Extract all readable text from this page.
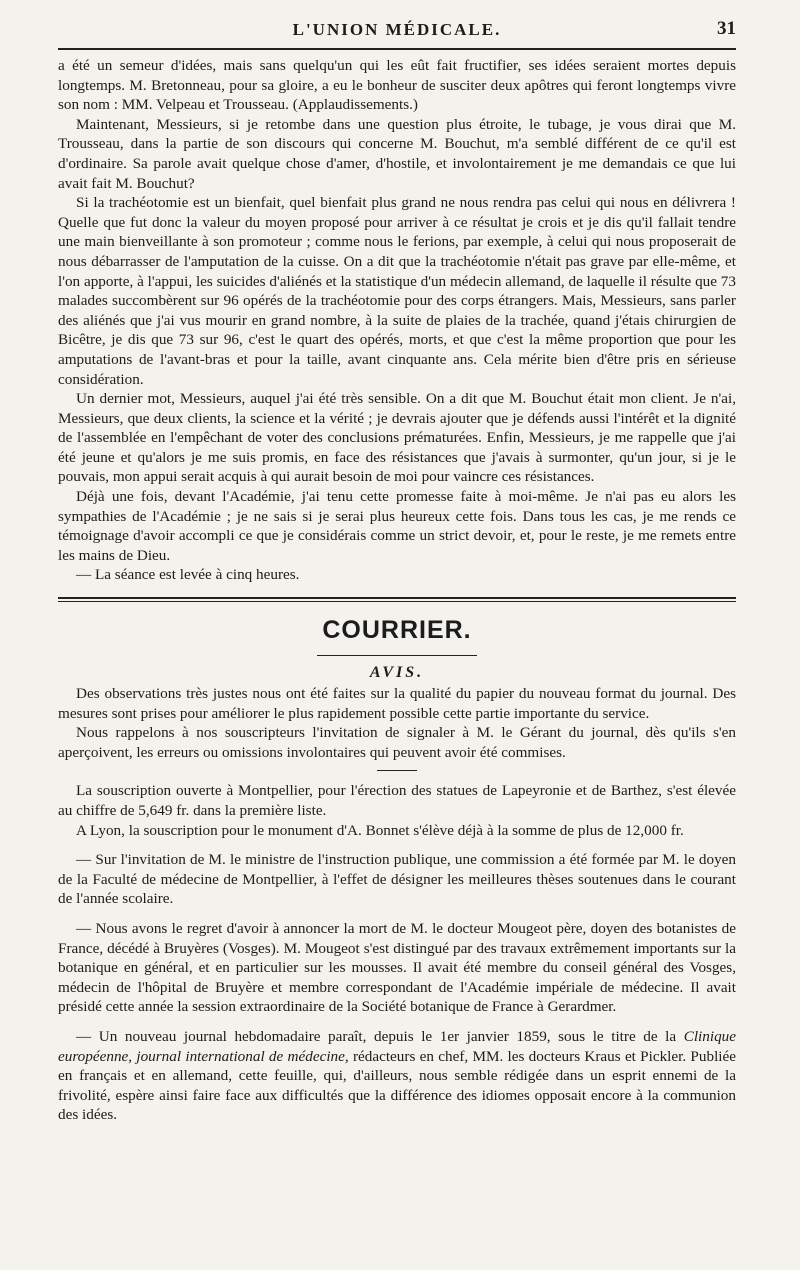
L'UNION MÉDICALE.	31

a été un semeur d'idées, mais sans quelqu'un qui les eût fait fructifier, ses idées seraient mortes depuis longtemps. M. Bretonneau, pour sa gloire, a eu le bonheur de susciter deux apôtres qui feront longtemps vivre son nom : MM. Velpeau et Trousseau. (Applaudissements.)

Maintenant, Messieurs, si je retombe dans une question plus étroite, le tubage, je vous dirai que M. Trousseau, dans la partie de son discours qui concerne M. Bouchut, m'a semblé différent de ce qu'il est d'ordinaire. Sa parole avait quelque chose d'amer, d'hostile, et involontairement je me demandais ce que lui avait fait M. Bouchut?

Si la trachéotomie est un bienfait, quel bienfait plus grand ne nous rendra pas celui qui nous en délivrera ! Quelle que fut donc la valeur du moyen proposé pour arriver à ce résultat je crois et je dis qu'il fallait tendre une main bienveillante à son promoteur ; comme nous le ferions, par exemple, à celui qui nous proposerait de nous débarrasser de l'amputation de la cuisse. On a dit que la trachéotomie n'était pas grave par elle-même, et l'on apporte, à l'appui, les suicides d'aliénés et la statistique d'un médecin allemand, de laquelle il résulte que 73 malades succombèrent sur 96 opérés de la trachéotomie pour des corps étrangers. Mais, Messieurs, sans parler des aliénés que j'ai vus mourir en grand nombre, à la suite de plaies de la trachée, quand j'étais chirurgien de Bicêtre, je dis que 73 sur 96, c'est le quart des opérés, morts, et que c'est la même proportion que pour les amputations de l'avant-bras et pour la taille, avant cinquante ans. Cela mérite bien d'être pris en sérieuse considération.

Un dernier mot, Messieurs, auquel j'ai été très sensible. On a dit que M. Bouchut était mon client. Je n'ai, Messieurs, que deux clients, la science et la vérité ; je devrais ajouter que je défends aussi l'intérêt et la dignité de l'assemblée en l'empêchant de voter des conclusions prématurées. Enfin, Messieurs, je me rappelle que j'ai été jeune et qu'alors je me suis promis, en face des résistances que j'avais à surmonter, qu'un jour, si je le pouvais, mon appui serait acquis à qui aurait besoin de moi pour vaincre ces résistances.

Déjà une fois, devant l'Académie, j'ai tenu cette promesse faite à moi-même. Je n'ai pas eu alors les sympathies de l'Académie ; je ne sais si je serai plus heureux cette fois. Dans tous les cas, je me rends ce témoignage d'avoir accompli ce que je considérais comme un strict devoir, et, pour le reste, je me remets entre les mains de Dieu.

— La séance est levée à cinq heures.

COURRIER.
AVIS.

Des observations très justes nous ont été faites sur la qualité du papier du nouveau format du journal. Des mesures sont prises pour améliorer le plus rapidement possible cette partie importante du service.

Nous rappelons à nos souscripteurs l'invitation de signaler à M. le Gérant du journal, dès qu'ils s'en aperçoivent, les erreurs ou omissions involontaires qui peuvent avoir été commises.

La souscription ouverte à Montpellier, pour l'érection des statues de Lapeyronie et de Barthez, s'est élevée au chiffre de 5,649 fr. dans la première liste.

A Lyon, la souscription pour le monument d'A. Bonnet s'élève déjà à la somme de plus de 12,000 fr.

— Sur l'invitation de M. le ministre de l'instruction publique, une commission a été formée par M. le doyen de la Faculté de médecine de Montpellier, à l'effet de désigner les meilleures thèses soutenues dans le courant de l'année scolaire.

— Nous avons le regret d'avoir à annoncer la mort de M. le docteur Mougeot père, doyen des botanistes de France, décédé à Bruyères (Vosges). M. Mougeot s'est distingué par des travaux extrêmement importants sur la botanique en général, et en particulier sur les mousses. Il avait été membre du conseil général des Vosges, médecin de l'hôpital de Bruyère et membre correspondant de l'Académie impériale de médecine. Il avait présidé cette année la session extraordinaire de la Société botanique de France à Gerardmer.

— Un nouveau journal hebdomadaire paraît, depuis le 1er janvier 1859, sous le titre de la Clinique européenne, journal international de médecine, rédacteurs en chef, MM. les docteurs Kraus et Pickler. Publiée en français et en allemand, cette feuille, qui, d'ailleurs, nous semble rédigée dans un esprit ennemi de la frivolité, espère ainsi faire face aux difficultés que la différence des idiomes opposait encore à la communion des idées.
